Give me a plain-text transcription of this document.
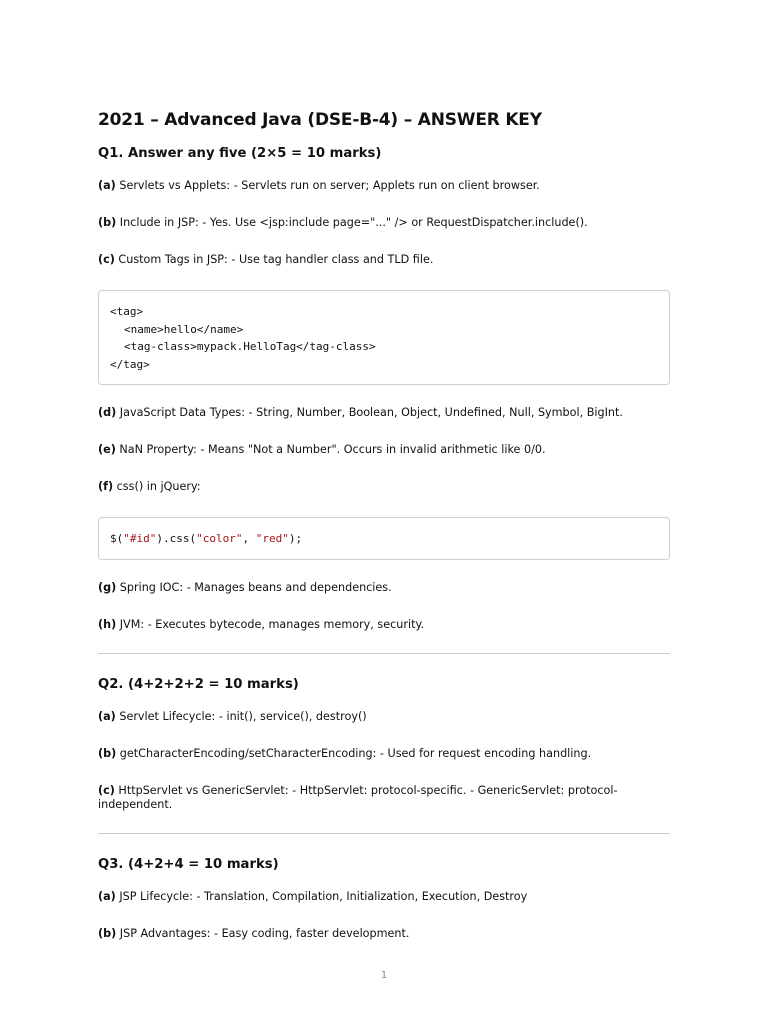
2021 – Advanced Java (DSE-B-4) – ANSWER KEY
Q1. Answer any five (2×5 = 10 marks)

(a) Servlets vs Applets: - Servlets run on server; Applets run on client browser.

(b) Include in JSP: - Yes. Use <jsp:include page="..." /> or RequestDispatcher.include().

(c) Custom Tags in JSP: - Use tag handler class and TLD file.

<tag>
<name>hello</name>
<tag-class>mypack.HelloTag</tag-class>
</tag>

(d) JavaScript Data Types: - String, Number, Boolean, Object, Undefined, Null, Symbol, BigInt.

(e) NaN Property: - Means "Not a Number". Occurs in invalid arithmetic like 0/0.

(f) css() in jQuery:

$("#id").css("color", "red");

(g) Spring IOC: - Manages beans and dependencies.

(h) JVM: - Executes bytecode, manages memory, security.

Q2. (4+2+2+2 = 10 marks)

(a) Servlet Lifecycle: - init(), service(), destroy()

(b) getCharacterEncoding/setCharacterEncoding: - Used for request encoding handling.

(c) HttpServlet vs GenericServlet: - HttpServlet: protocol-specific. - GenericServlet: protocol-independent.

Q3. (4+2+4 = 10 marks)

(a) JSP Lifecycle: - Translation, Compilation, Initialization, Execution, Destroy

(b) JSP Advantages: - Easy coding, faster development.

1
